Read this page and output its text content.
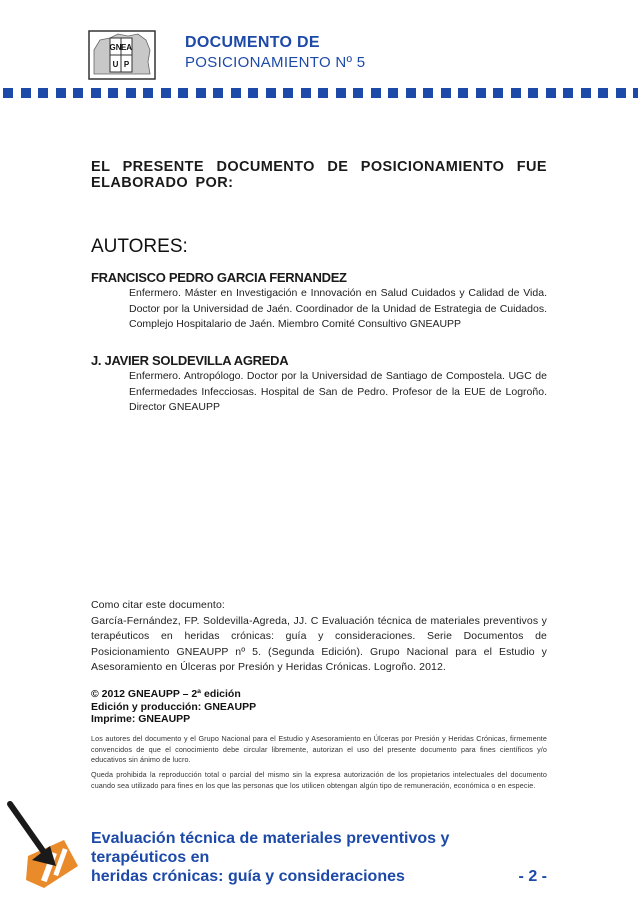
GN EA
U P
DOCUMENTO DE
POSICIONAMIENTO Nº 5
EL PRESENTE DOCUMENTO DE POSICIONAMIENTO FUE ELABORADO POR:
AUTORES:
FRANCISCO PEDRO GARCIA FERNANDEZ
Enfermero. Máster en Investigación e Innovación en Salud Cuidados y Calidad de Vida. Doctor por la Universidad de Jaén. Coordinador de la Unidad de Estrategia de Cuidados. Complejo Hospitalario de Jaén. Miembro Comité Consultivo GNEAUPP
J. JAVIER SOLDEVILLA AGREDA
Enfermero. Antropólogo. Doctor por la Universidad de Santiago de Compostela. UGC de Enfermedades Infecciosas. Hospital de San de Pedro. Profesor de la EUE de Logroño. Director GNEAUPP
Como citar este documento:
García-Fernández, FP. Soldevilla-Agreda, JJ. C Evaluación técnica de materiales preventivos y terapéuticos en heridas crónicas: guía y consideraciones. Serie Documentos de Posicionamiento GNEAUPP nº 5. (Segunda Edición). Grupo Nacional para el Estudio y Asesoramiento en Úlceras por Presión y Heridas Crónicas. Logroño. 2012.
© 2012 GNEAUPP – 2ª edición
Edición y producción: GNEAUPP
Imprime: GNEAUPP
Los autores del documento y el Grupo Nacional para el Estudio y Asesoramiento en Úlceras por Presión y Heridas Crónicas, firmemente convencidos de que el conocimiento debe circular libremente, autorizan el uso del presente documento para fines científicos y/o educativos sin ánimo de lucro.
Queda prohibida la reproducción total o parcial del mismo sin la expresa autorización de los propietarios intelectuales del documento cuando sea utilizado para fines en los que las personas que los utilicen obtengan algún tipo de remuneración, económica o en especie.
Evaluación técnica de materiales preventivos y terapéuticos en
heridas crónicas: guía y consideraciones	- 2 -
